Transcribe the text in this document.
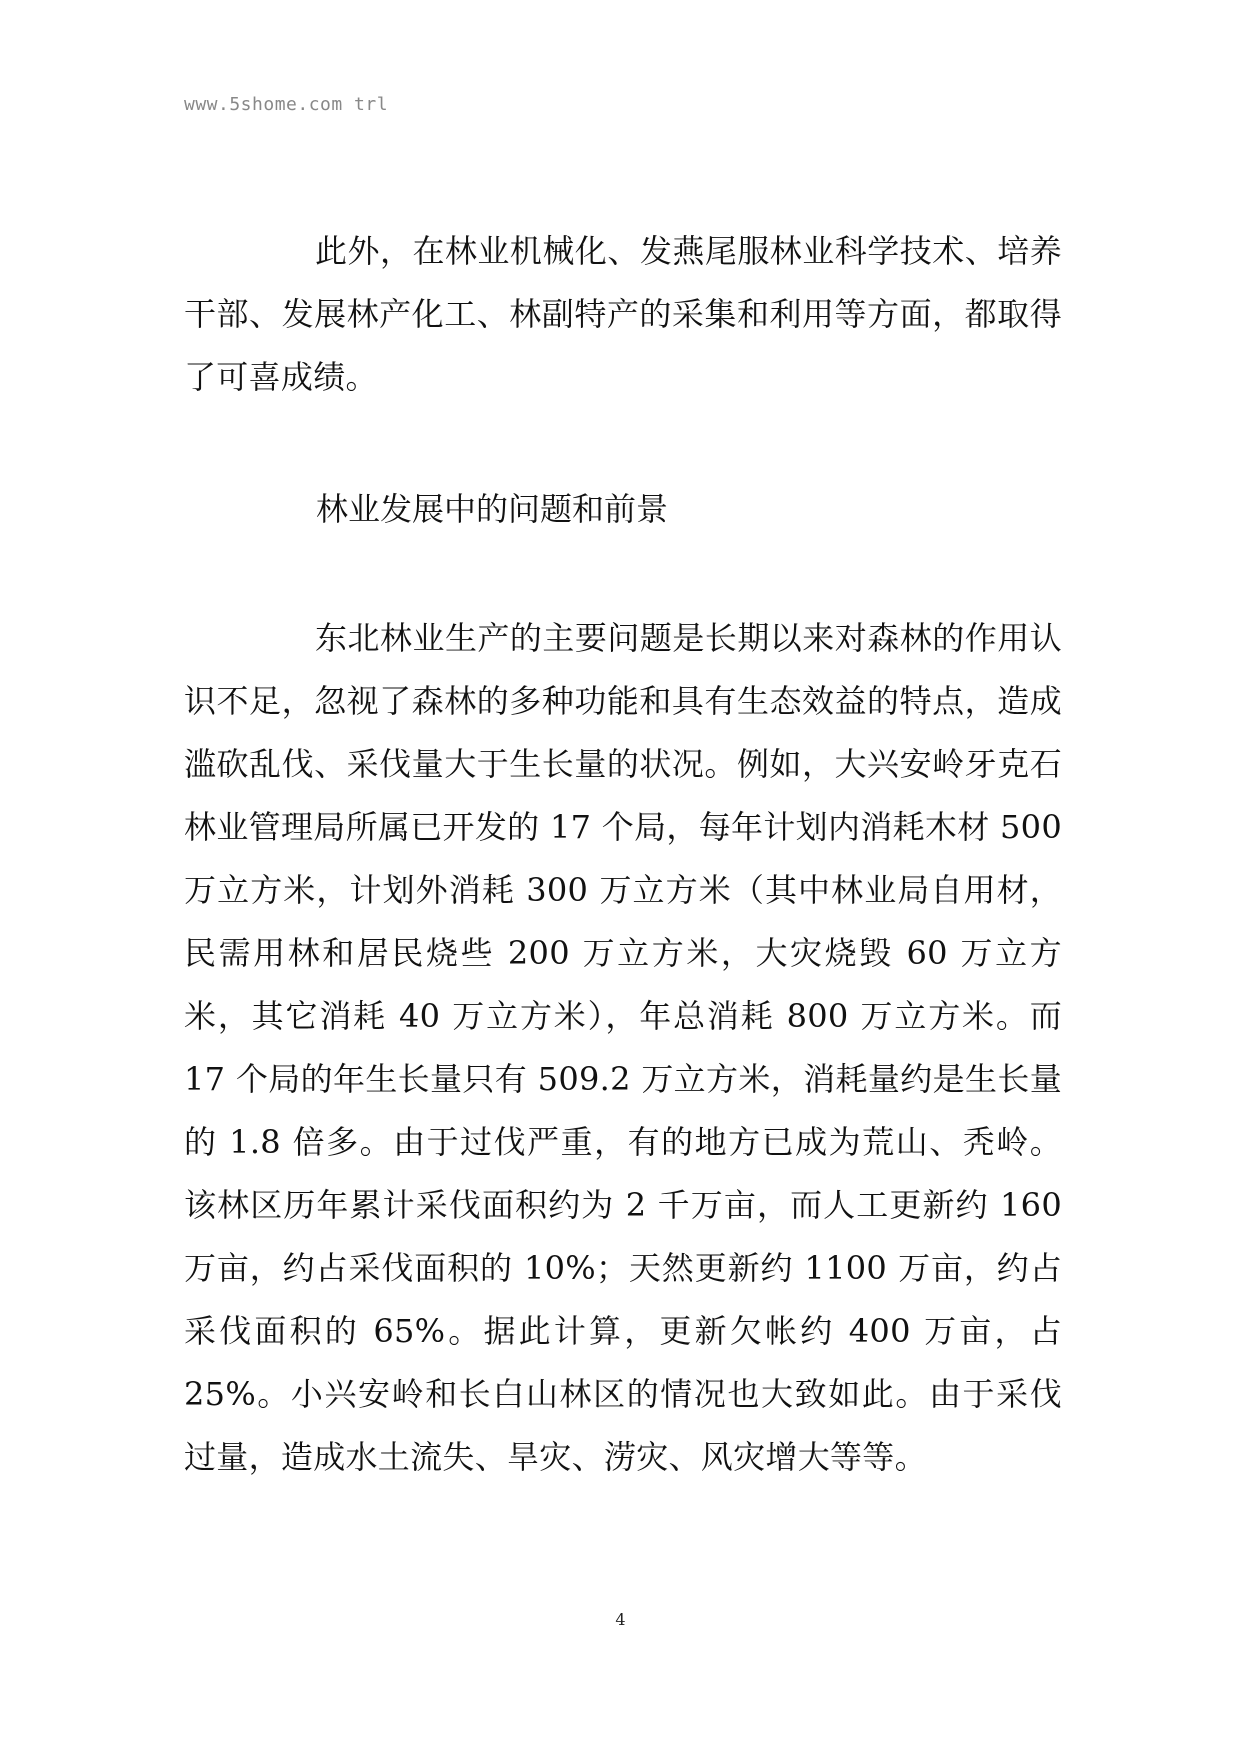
www.5shome.com trl

此外，在林业机械化、发燕尾服林业科学技术、培养干部、发展林产化工、林副特产的采集和利用等方面，都取得了可喜成绩。

林业发展中的问题和前景

东北林业生产的主要问题是长期以来对森林的作用认识不足，忽视了森林的多种功能和具有生态效益的特点，造成滥砍乱伐、采伐量大于生长量的状况。例如，大兴安岭牙克石林业管理局所属已开发的 17 个局，每年计划内消耗木材 500 万立方米，计划外消耗 300 万立方米（其中林业局自用材，民需用林和居民烧些 200 万立方米，大灾烧毁 60 万立方米，其它消耗 40 万立方米），年总消耗 800 万立方米。而 17 个局的年生长量只有 509.2 万立方米，消耗量约是生长量的 1.8 倍多。由于过伐严重，有的地方已成为荒山、秃岭。该林区历年累计采伐面积约为 2 千万亩，而人工更新约 160 万亩，约占采伐面积的 10%；天然更新约 1100 万亩，约占采伐面积的 65%。据此计算，更新欠帐约 400 万亩，占 25%。小兴安岭和长白山林区的情况也大致如此。由于采伐过量，造成水土流失、旱灾、涝灾、风灾增大等等。

4
